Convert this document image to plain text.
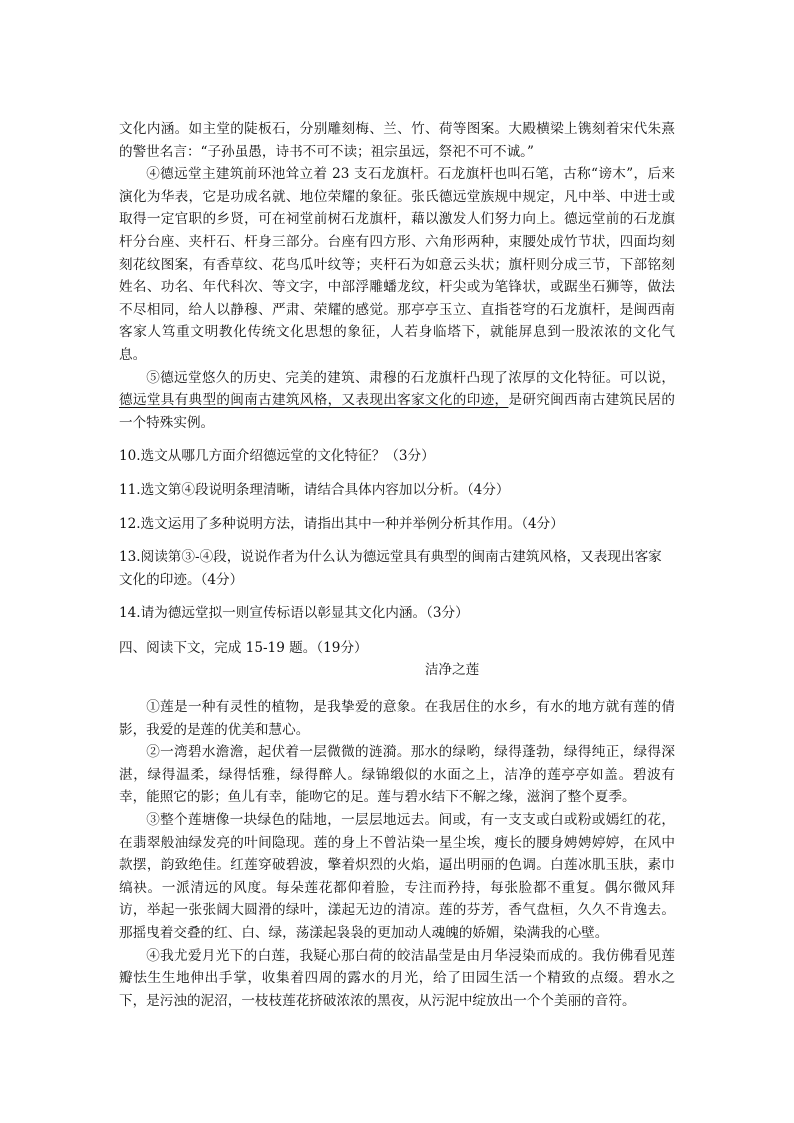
文化内涵。如主堂的陡板石，分别雕刻梅、兰、竹、荷等图案。大殿横梁上镌刻着宋代朱熹的警世名言：“子孙虽愚，诗书不可不读；祖宗虽远，祭祀不可不诚。”

④德远堂主建筑前环池耸立着 23 支石龙旗杆。石龙旗杆也叫石笔，古称“谤木”，后来演化为华表，它是功成名就、地位荣耀的象征。张氏德远堂族规中规定，凡中举、中进士或取得一定官职的乡贤，可在祠堂前树石龙旗杆，藉以激发人们努力向上。德远堂前的石龙旗杆分台座、夹杆石、杆身三部分。台座有四方形、六角形两种，束腰处成竹节状，四面均刻刻花纹图案，有香草纹、花鸟瓜叶纹等；夹杆石为如意云头状；旗杆则分成三节，下部铭刻姓名、功名、年代科次、等文字，中部浮雕蟠龙纹，杆尖或为笔锋状，或踞坐石狮等，做法不尽相同，给人以静穆、严肃、荣耀的感觉。那亭亭玉立、直指苍穹的石龙旗杆，是闽西南客家人笃重文明教化传统文化思想的象征，人若身临塔下，就能屏息到一股浓浓的文化气息。

⑤德远堂悠久的历史、完美的建筑、肃穆的石龙旗杆凸现了浓厚的文化特征。可以说，德远堂具有典型的闽南古建筑风格，又表现出客家文化的印迹，是研究闽西南古建筑民居的一个特殊实例。

10.选文从哪几方面介绍德远堂的文化特征？（3分）

11.选文第④段说明条理清晰，请结合具体内容加以分析。（4分）

12.选文运用了多种说明方法，请指出其中一种并举例分析其作用。（4分）

13.阅读第③-④段，说说作者为什么认为德远堂具有典型的闽南古建筑风格，又表现出客家文化的印迹。（4分）

14.请为德远堂拟一则宣传标语以彰显其文化内涵。（3分）

四、阅读下文，完成 15-19 题。（19分）

洁净之莲

①莲是一种有灵性的植物，是我挚爱的意象。在我居住的水乡，有水的地方就有莲的倩影，我爱的是莲的优美和慧心。

②一湾碧水澹澹，起伏着一层微微的涟漪。那水的绿哟，绿得蓬勃，绿得纯正，绿得深湛，绿得温柔，绿得恬雅，绿得醉人。绿锦缎似的水面之上，洁净的莲亭亭如盖。碧波有幸，能照它的影；鱼儿有幸，能吻它的足。莲与碧水结下不解之缘，滋润了整个夏季。

③整个莲塘像一块绿色的陆地，一层层地远去。间或，有一支支或白或粉或嫣红的花，在翡翠般油绿发亮的叶间隐现。莲的身上不曾沾染一星尘埃，瘦长的腰身娉娉婷婷，在风中款摆，韵致绝佳。红莲穿破碧波，擎着炽烈的火焰，逼出明丽的色调。白莲冰肌玉肤，素巾缟袂。一派清远的风度。每朵莲花都仰着脸，专注而矜持，每张脸都不重复。偶尔微风拜访，举起一张张阔大圆滑的绿叶，漾起无边的清凉。莲的芬芳，香气盘桓，久久不肯逸去。那摇曳着交叠的红、白、绿，荡漾起袅袅的更加动人魂魄的娇媚，染满我的心壁。

④我尤爱月光下的白莲，我疑心那白荷的皎洁晶莹是由月华浸染而成的。我仿佛看见莲瓣怯生生地伸出手掌，收集着四周的露水的月光，给了田园生活一个精致的点缀。碧水之下，是污浊的泥沼，一枝枝莲花挤破浓浓的黑夜，从污泥中绽放出一个个美丽的音符。
